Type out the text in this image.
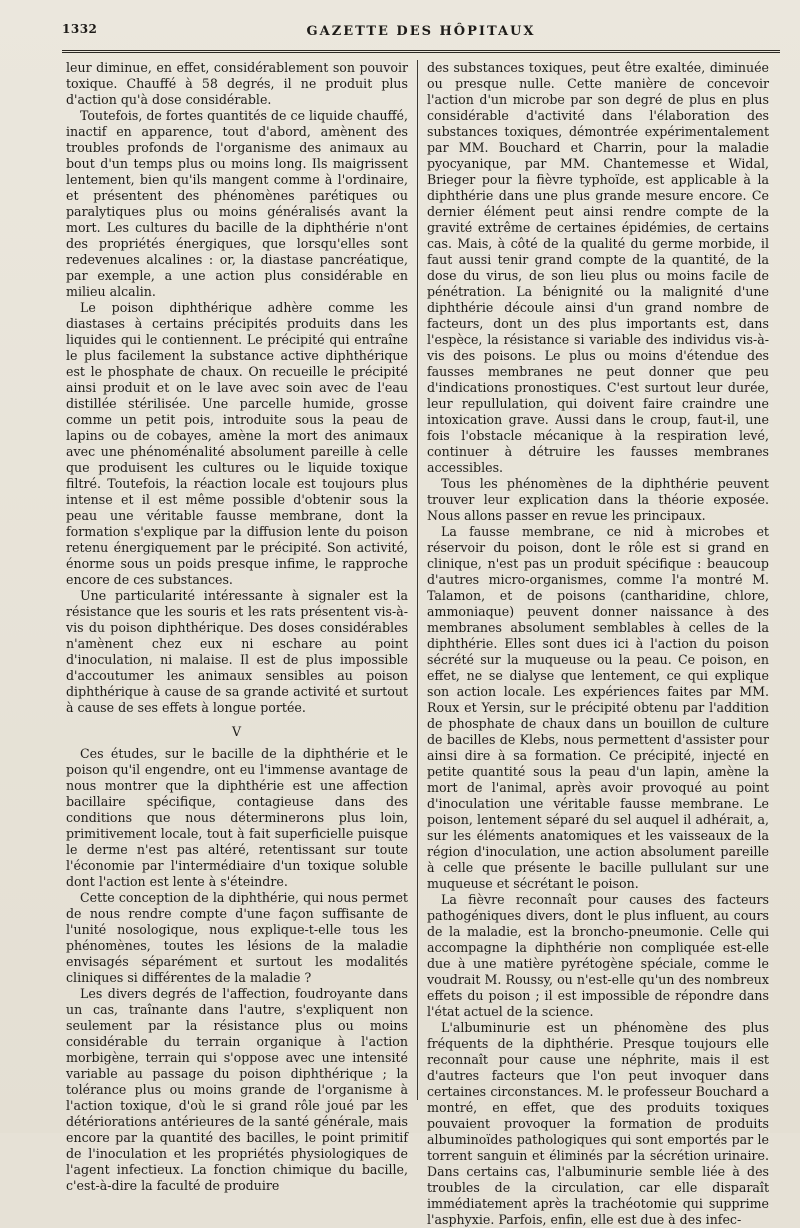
1332	GAZETTE DES HÔPITAUX

leur diminue, en effet, considérablement son pouvoir toxique. Chauffé à 58 degrés, il ne produit plus d'action qu'à dose considérable.

Toutefois, de fortes quantités de ce liquide chauffé, inactif en apparence, tout d'abord, amènent des troubles profonds de l'organisme des animaux au bout d'un temps plus ou moins long. Ils maigrissent lentement, bien qu'ils mangent comme à l'ordinaire, et présentent des phénomènes parétiques ou paralytiques plus ou moins généralisés avant la mort. Les cultures du bacille de la diphthérie n'ont des propriétés énergiques, que lorsqu'elles sont redevenues alcalines : or, la diastase pancréatique, par exemple, a une action plus considérable en milieu alcalin.

Le poison diphthérique adhère comme les diastases à certains précipités produits dans les liquides qui le contiennent. Le précipité qui entraîne le plus facilement la substance active diphthérique est le phosphate de chaux. On recueille le précipité ainsi produit et on le lave avec soin avec de l'eau distillée stérilisée. Une parcelle humide, grosse comme un petit pois, introduite sous la peau de lapins ou de cobayes, amène la mort des animaux avec une phénoménalité absolument pareille à celle que produisent les cultures ou le liquide toxique filtré. Toutefois, la réaction locale est toujours plus intense et il est même possible d'obtenir sous la peau une véritable fausse membrane, dont la formation s'explique par la diffusion lente du poison retenu énergiquement par le précipité. Son activité, énorme sous un poids presque infime, le rapproche encore de ces substances.

Une particularité intéressante à signaler est la résistance que les souris et les rats présentent vis-à-vis du poison diphthérique. Des doses considérables n'amènent chez eux ni eschare au point d'inoculation, ni malaise. Il est de plus impossible d'accoutumer les animaux sensibles au poison diphthérique à cause de sa grande activité et surtout à cause de ses effets à longue portée.

V

Ces études, sur le bacille de la diphthérie et le poison qu'il engendre, ont eu l'immense avantage de nous montrer que la diphthérie est une affection bacillaire spécifique, contagieuse dans des conditions que nous déterminerons plus loin, primitivement locale, tout à fait superficielle puisque le derme n'est pas altéré, retentissant sur toute l'économie par l'intermédiaire d'un toxique soluble dont l'action est lente à s'éteindre.

Cette conception de la diphthérie, qui nous permet de nous rendre compte d'une façon suffisante de l'unité nosologique, nous explique-t-elle tous les phénomènes, toutes les lésions de la maladie envisagés séparément et surtout les modalités cliniques si différentes de la maladie ?

Les divers degrés de l'affection, foudroyante dans un cas, traînante dans l'autre, s'expliquent non seulement par la résistance plus ou moins considérable du terrain organique à l'action morbigène, terrain qui s'oppose avec une intensité variable au passage du poison diphthérique ; la tolérance plus ou moins grande de l'organisme à l'action toxique, d'où le si grand rôle joué par les détériorations antérieures de la santé générale, mais encore par la quantité des bacilles, le point primitif de l'inoculation et les propriétés physiologiques de l'agent infectieux. La fonction chimique du bacille, c'est-à-dire la faculté de produire

des substances toxiques, peut être exaltée, diminuée ou presque nulle. Cette manière de concevoir l'action d'un microbe par son degré de plus en plus considérable d'activité dans l'élaboration des substances toxiques, démontrée expérimentalement par MM. Bouchard et Charrin, pour la maladie pyocyanique, par MM. Chantemesse et Widal, Brieger pour la fièvre typhoïde, est applicable à la diphthérie dans une plus grande mesure encore. Ce dernier élément peut ainsi rendre compte de la gravité extrême de certaines épidémies, de certains cas. Mais, à côté de la qualité du germe morbide, il faut aussi tenir grand compte de la quantité, de la dose du virus, de son lieu plus ou moins facile de pénétration. La bénignité ou la malignité d'une diphthérie découle ainsi d'un grand nombre de facteurs, dont un des plus importants est, dans l'espèce, la résistance si variable des individus vis-à-vis des poisons. Le plus ou moins d'étendue des fausses membranes ne peut donner que peu d'indications pronostiques. C'est surtout leur durée, leur repullulation, qui doivent faire craindre une intoxication grave. Aussi dans le croup, faut-il, une fois l'obstacle mécanique à la respiration levé, continuer à détruire les fausses membranes accessibles.

Tous les phénomènes de la diphthérie peuvent trouver leur explication dans la théorie exposée. Nous allons passer en revue les principaux.

La fausse membrane, ce nid à microbes et réservoir du poison, dont le rôle est si grand en clinique, n'est pas un produit spécifique : beaucoup d'autres micro-organismes, comme l'a montré M. Talamon, et de poisons (cantharidine, chlore, ammoniaque) peuvent donner naissance à des membranes absolument semblables à celles de la diphthérie. Elles sont dues ici à l'action du poison sécrété sur la muqueuse ou la peau. Ce poison, en effet, ne se dialyse que lentement, ce qui explique son action locale. Les expériences faites par MM. Roux et Yersin, sur le précipité obtenu par l'addition de phosphate de chaux dans un bouillon de culture de bacilles de Klebs, nous permettent d'assister pour ainsi dire à sa formation. Ce précipité, injecté en petite quantité sous la peau d'un lapin, amène la mort de l'animal, après avoir provoqué au point d'inoculation une véritable fausse membrane. Le poison, lentement séparé du sel auquel il adhérait, a, sur les éléments anatomiques et les vaisseaux de la région d'inoculation, une action absolument pareille à celle que présente le bacille pullulant sur une muqueuse et sécrétant le poison.

La fièvre reconnaît pour causes des facteurs pathogéniques divers, dont le plus influent, au cours de la maladie, est la broncho-pneumonie. Celle qui accompagne la diphthérie non compliquée est-elle due à une matière pyrétogène spéciale, comme le voudrait M. Roussy, ou n'est-elle qu'un des nombreux effets du poison ; il est impossible de répondre dans l'état actuel de la science.

L'albuminurie est un phénomène des plus fréquents de la diphthérie. Presque toujours elle reconnaît pour cause une néphrite, mais il est d'autres facteurs que l'on peut invoquer dans certaines circonstances. M. le professeur Bouchard a montré, en effet, que des produits toxiques pouvaient provoquer la formation de produits albuminoïdes pathologiques qui sont emportés par le torrent sanguin et éliminés par la sécrétion urinaire. Dans certains cas, l'albuminurie semble liée à des troubles de la circulation, car elle disparaît immédiatement après la trachéotomie qui supprime l'asphyxie. Parfois, enfin, elle est due à des infec-
